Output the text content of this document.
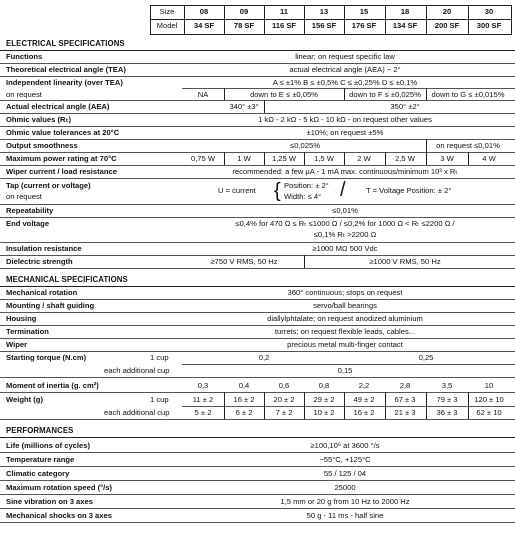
Size
Model
08	09	11	13	15	18	20	30
34 SF	78 SF 116 SF 156 SF 176 SF 134 SF 200 SF 300 SF
ELECTRICAL SPECIFICATIONS
Functions	linear; on request specific law
Theoretical electrical angle (TEA)	actual electrical angle (AEA) − 2°
Independent linearity (over TEA)
on request
A ≤ ±1% B ≤ ±0,5% C ≤ ±0,25% D ≤ ±0,1%
NA	down to E ≤ ±0,05%	down to F ≤ ±0,025% down to G ≤ ±0,015%
Actual electrical angle (AEA)	340° ±3°	350° ±2°
Ohmic values (Rₜ)	1 kΩ - 2 kΩ - 5 kΩ - 10 kΩ - on request other values
Ohmic value tolerances at 20°C	±10%; on request ±5%
Output smoothness	≤0,025%	on request ≤0,01%
Maximum power rating at 70°C	0,75 W	1 W	1,25 W 1,5 W	2 W	2,5 W	3 W	4 W
Wiper current / load resistance	recommended: a few µA - 1 mA max. continuous/minimum 10³ x Rₜ
Tap (current or voltage)
on request
U = current { Position: ± 2°
Width: ≤ 4° /	T = Voltage Position: ± 2°
Repeatability	≤0,01%
End voltage	≤0,4% for 470 Ω ≤ Rₜ ≤1000 Ω / ≤0,2% for 1000 Ω < Rₜ ≤2200 Ω /
≤0,1% Rₜ >2200 Ω
Insulation resistance	≥1000 MΩ 500 Vdc
Dielectric strength	≥750 V RMS, 50 Hz	≥1000 V RMS, 50 Hz
MECHANICAL SPECIFICATIONS
Mechanical rotation	360° continuous; stops on request
Mounting / shaft guiding	servo/ball bearings
Housing	diallylphtalate; on request anodized aluminium
Termination	turrets; on request flexible leads, cables...
Wiper	precious metal multi-finger contact
Starting torque (N.cm)	1 cup	0,2	0,25
each additional cup	0,15
Moment of inertia (g. cm²)	0,3	0,4	0,6	0,8	2,2	2,8	3,5	10
Weight (g)	1 cup	11 ± 2	16 ± 2 20 ± 2 29 ± 2 49 ± 2	67 ± 3	79 ± 3 120 ± 10
each additional cup	5 ± 2	6 ± 2	7 ± 2	10 ± 2 16 ± 2	21 ± 3	36 ± 3 62 ± 10
PERFORMANCES
Life (millions of cycles)	≥100,10⁶ at 3600 °/s
Temperature range	−55°C, +125°C
Climatic category	55 / 125 / 04
Maximum rotation speed (°/s)	25000
Sine vibration on 3 axes	1,5 mm or 20 g from 10 Hz to 2000 Hz
Mechanical shocks on 3 axes	50 g - 11 ms - half sine
